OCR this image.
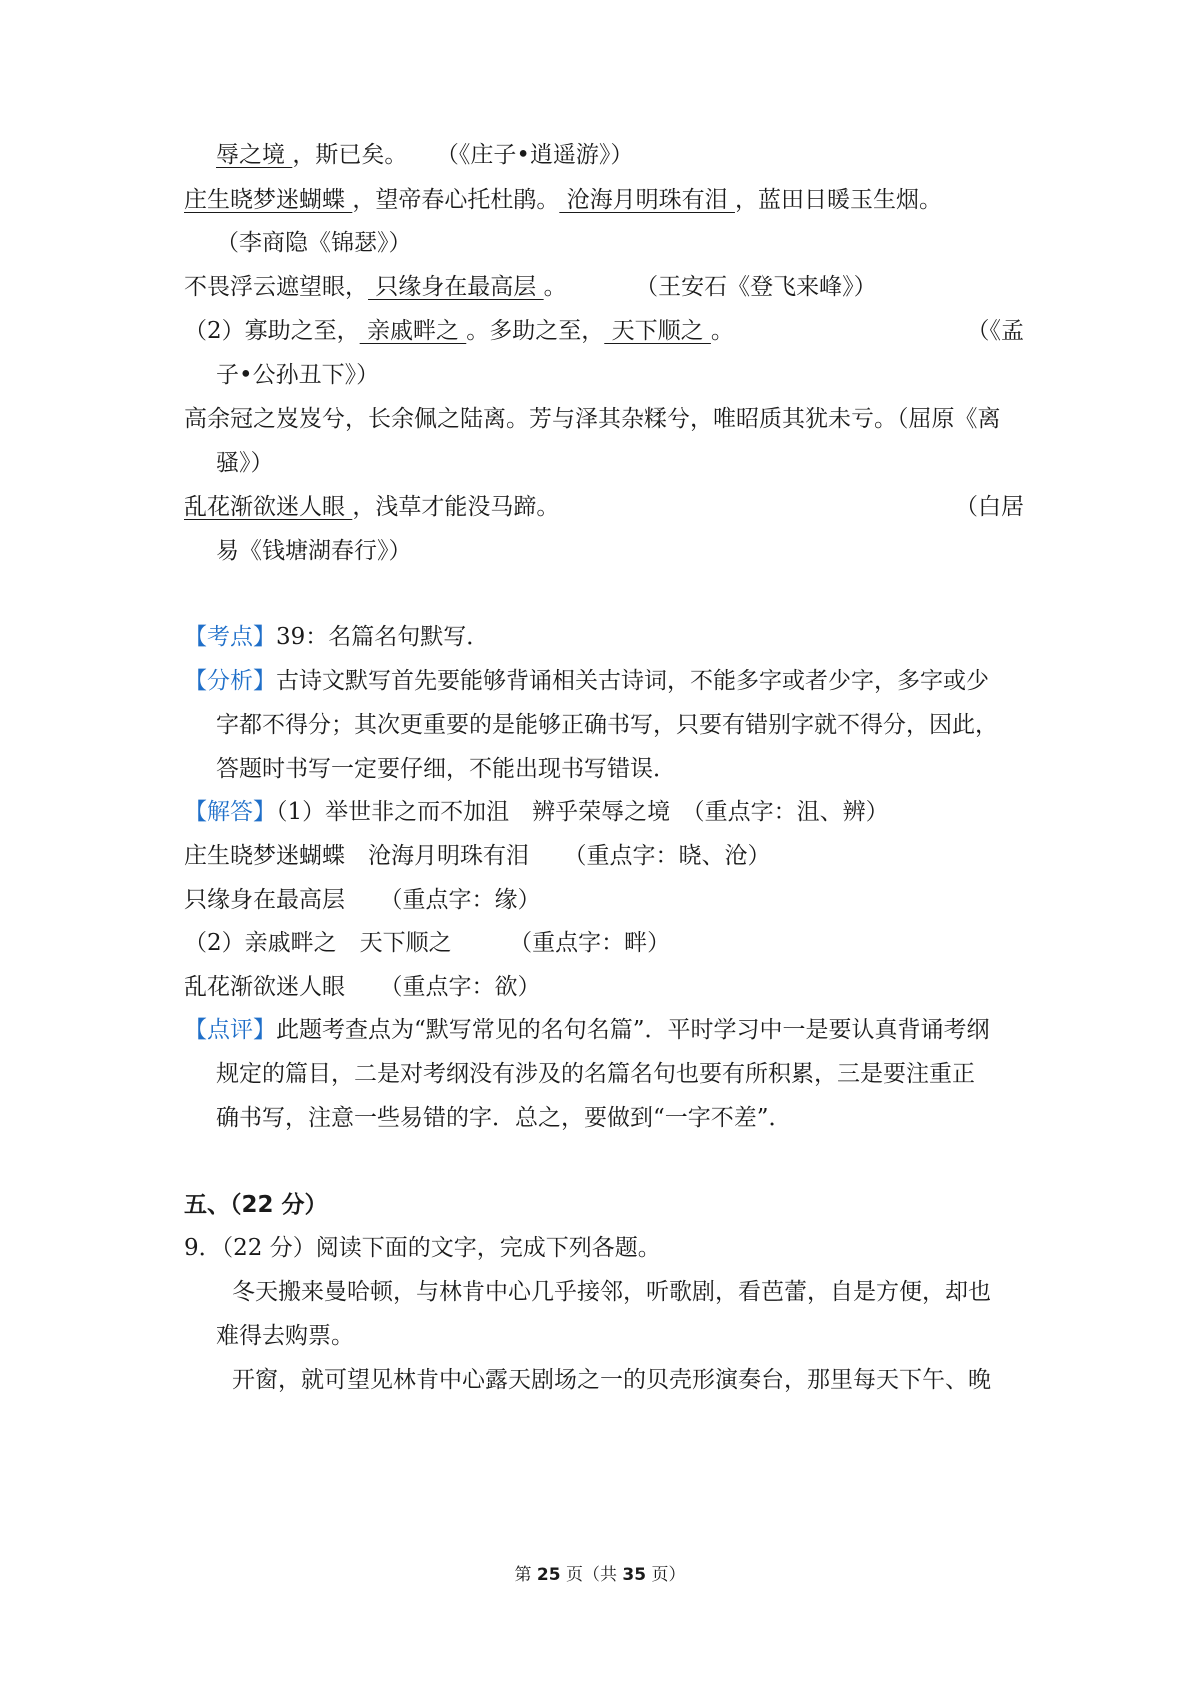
辱之境 ，斯已矣。 （《庄子•逍遥游》）
庄生晓梦迷蝴蝶 ，望帝春心托杜鹃。 沧海月明珠有泪 ，蓝田日暖玉生烟。
（李商隐《锦瑟》）
不畏浮云遮望眼， 只缘身在最高层 。	（王安石《登飞来峰》）
（2）寡助之至， 亲戚畔之 。多助之至， 天下顺之 。	（《孟
子•公孙丑下》）
高余冠之岌岌兮，长余佩之陆离。芳与泽其杂糅兮，唯昭质其犹未亏。（屈原《离
骚》）
乱花渐欲迷人眼 ，浅草才能没马蹄。	（白居
易《钱塘湖春行》）
【考点】39：名篇名句默写．
【分析】古诗文默写首先要能够背诵相关古诗词，不能多字或者少字，多字或少
字都不得分；其次更重要的是能够正确书写，只要有错别字就不得分，因此，
答题时书写一定要仔细，不能出现书写错误．
【解答】（1）举世非之而不加沮　辨乎荣辱之境　（重点字：沮、辨）
庄生晓梦迷蝴蝶　沧海月明珠有泪　　（重点字：晓、沧）
只缘身在最高层　　（重点字：缘）
（2）亲戚畔之　天下顺之　　　（重点字：畔）
乱花渐欲迷人眼　　（重点字：欲）
【点评】此题考查点为“默写常见的名句名篇”．平时学习中一是要认真背诵考纲
规定的篇目，二是对考纲没有涉及的名篇名句也要有所积累，三是要注重正
确书写，注意一些易错的字．总之，要做到“一字不差”．
五、（22 分）
9．（22 分）阅读下面的文字，完成下列各题。
冬天搬来曼哈顿，与林肯中心几乎接邻，听歌剧，看芭蕾，自是方便，却也
难得去购票。
开窗，就可望见林肯中心露天剧场之一的贝壳形演奏台，那里每天下午、晚
第 25 页（共 35 页）
